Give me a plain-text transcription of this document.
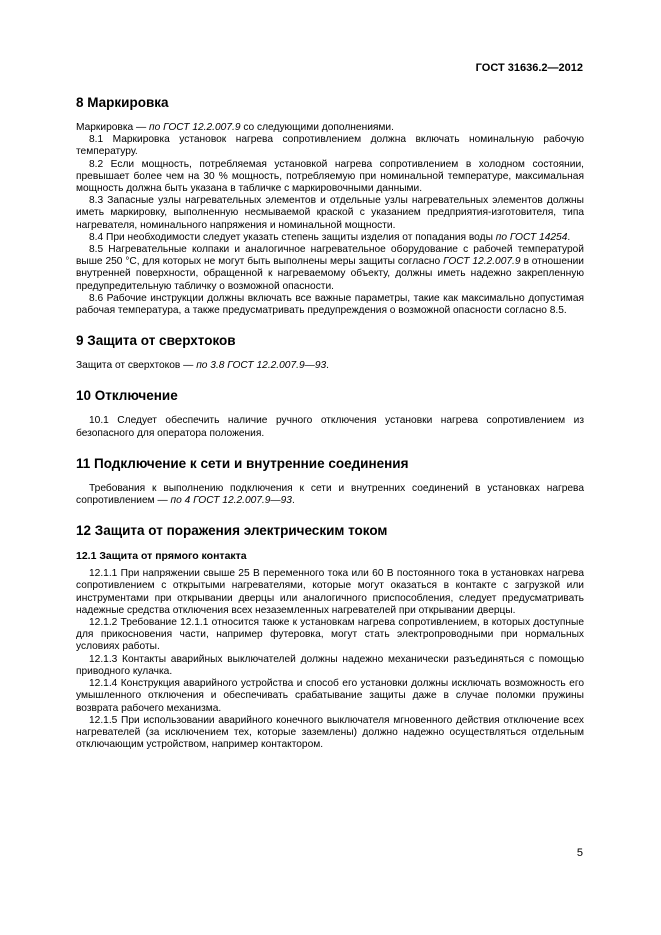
ГОСТ 31636.2—2012
8 Маркировка

Маркировка — по ГОСТ 12.2.007.9 со следующими дополнениями.

8.1 Маркировка установок нагрева сопротивлением должна включать номинальную рабочую температуру.

8.2 Если мощность, потребляемая установкой нагрева сопротивлением в холодном состоянии, превышает более чем на 30 % мощность, потребляемую при номинальной температуре, максимальная мощность должна быть указана в табличке с маркировочными данными.

8.3 Запасные узлы нагревательных элементов и отдельные узлы нагревательных элементов должны иметь маркировку, выполненную несмываемой краской с указанием предприятия-изготовителя, типа нагревателя, номинального напряжения и номинальной мощности.

8.4 При необходимости следует указать степень защиты изделия от попадания воды по ГОСТ 14254.

8.5 Нагревательные колпаки и аналогичное нагревательное оборудование с рабочей температурой выше 250 °С, для которых не могут быть выполнены меры защиты согласно ГОСТ 12.2.007.9 в отношении внутренней поверхности, обращенной к нагреваемому объекту, должны иметь надежно закрепленную предупредительную табличку о возможной опасности.

8.6 Рабочие инструкции должны включать все важные параметры, такие как максимально допустимая рабочая температура, а также предусматривать предупреждения о возможной опасности согласно 8.5.

9 Защита от сверхтоков

Защита от сверхтоков — по 3.8 ГОСТ 12.2.007.9—93.

10 Отключение

10.1 Следует обеспечить наличие ручного отключения установки нагрева сопротивлением из безопасного для оператора положения.

11 Подключение к сети и внутренние соединения

Требования к выполнению подключения к сети и внутренних соединений в установках нагрева сопротивлением — по 4 ГОСТ 12.2.007.9—93.

12 Защита от поражения электрическим током
12.1 Защита от прямого контакта

12.1.1 При напряжении свыше 25 В переменного тока или 60 В постоянного тока в установках нагрева сопротивлением с открытыми нагревателями, которые могут оказаться в контакте с загрузкой или инструментами при открывании дверцы или аналогичного приспособления, следует предусматривать надежные средства отключения всех незаземленных нагревателей при открывании дверцы.

12.1.2 Требование 12.1.1 относится также к установкам нагрева сопротивлением, в которых доступные для прикосновения части, например футеровка, могут стать электропроводными при нормальных условиях работы.

12.1.3 Контакты аварийных выключателей должны надежно механически разъединяться с помощью приводного кулачка.

12.1.4 Конструкция аварийного устройства и способ его установки должны исключать возможность его умышленного отключения и обеспечивать срабатывание защиты даже в случае поломки пружины возврата рабочего механизма.

12.1.5 При использовании аварийного конечного выключателя мгновенного действия отключение всех нагревателей (за исключением тех, которые заземлены) должно надежно осуществляться отдельным отключающим устройством, например контактором.

5
